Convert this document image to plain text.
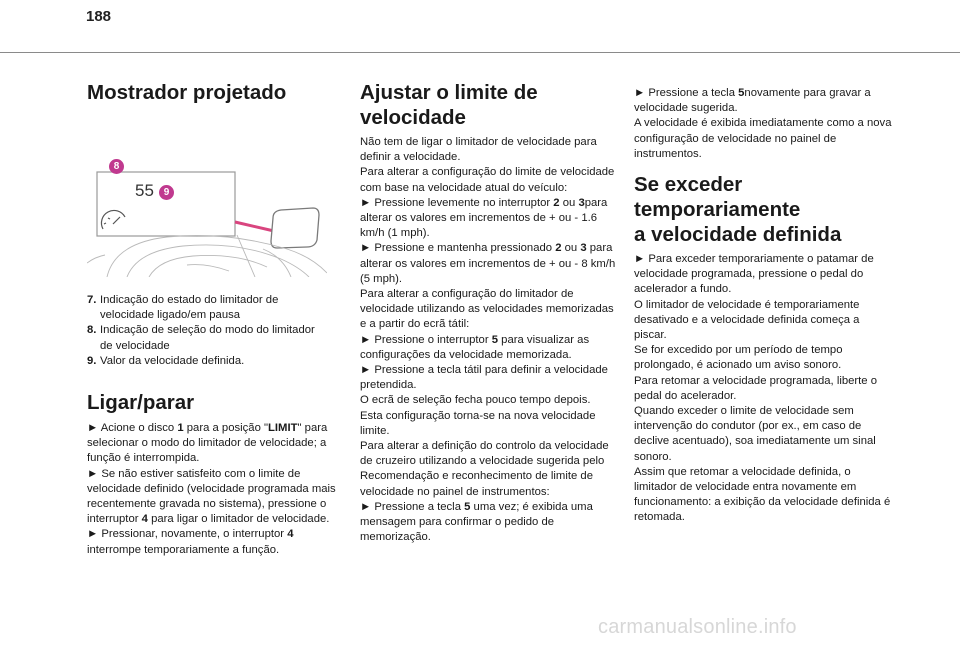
188
Mostrador projetado
8
55 9
7. Indicação do estado do limitador de
velocidade ligado/em pausa
8. Indicação de seleção do modo do limitador
de velocidade
9. Valor da velocidade definida.
Ligar/parar

► Acione o disco 1 para a posição "LIMIT" para selecionar o modo do limitador de velocidade; a função é interrompida.

► Se não estiver satisfeito com o limite de velocidade definido (velocidade programada mais recentemente gravada no sistema), pressione o interruptor 4 para ligar o limitador de velocidade.

► Pressionar, novamente, o interruptor 4 interrompe temporariamente a função.

Ajustar o limite de
velocidade

Não tem de ligar o limitador de velocidade para definir a velocidade.

Para alterar a configuração do limite de velocidade com base na velocidade atual do veículo:

► Pressione levemente no interruptor 2 ou 3para alterar os valores em incrementos de + ou - 1.6 km/h (1 mph).

► Pressione e mantenha pressionado 2 ou 3 para alterar os valores em incrementos de + ou - 8 km/h (5 mph).

Para alterar a configuração do limitador de velocidade utilizando as velocidades memorizadas e a partir do ecrã tátil:

► Pressione o interruptor 5 para visualizar as configurações da velocidade memorizada.

► Pressione a tecla tátil para definir a velocidade pretendida.

O ecrã de seleção fecha pouco tempo depois.

Esta configuração torna-se na nova velocidade limite.

Para alterar a definição do controlo da velocidade de cruzeiro utilizando a velocidade sugerida pelo Recomendação e reconhecimento de limite de velocidade no painel de instrumentos:

► Pressione a tecla 5 uma vez; é exibida uma mensagem para confirmar o pedido de memorização.

► Pressione a tecla 5novamente para gravar a velocidade sugerida.

A velocidade é exibida imediatamente como a nova configuração de velocidade no painel de instrumentos.

Se exceder temporariamente
a velocidade definida

► Para exceder temporariamente o patamar de velocidade programada, pressione o pedal do acelerador a fundo.

O limitador de velocidade é temporariamente desativado e a velocidade definida começa a piscar.

Se for excedido por um período de tempo prolongado, é acionado um aviso sonoro.

Para retomar a velocidade programada, liberte o pedal do acelerador.

Quando exceder o limite de velocidade sem intervenção do condutor (por ex., em caso de declive acentuado), soa imediatamente um sinal sonoro.

Assim que retomar a velocidade definida, o limitador de velocidade entra novamente em funcionamento: a exibição da velocidade definida é retomada.

carmanualsonline.info
